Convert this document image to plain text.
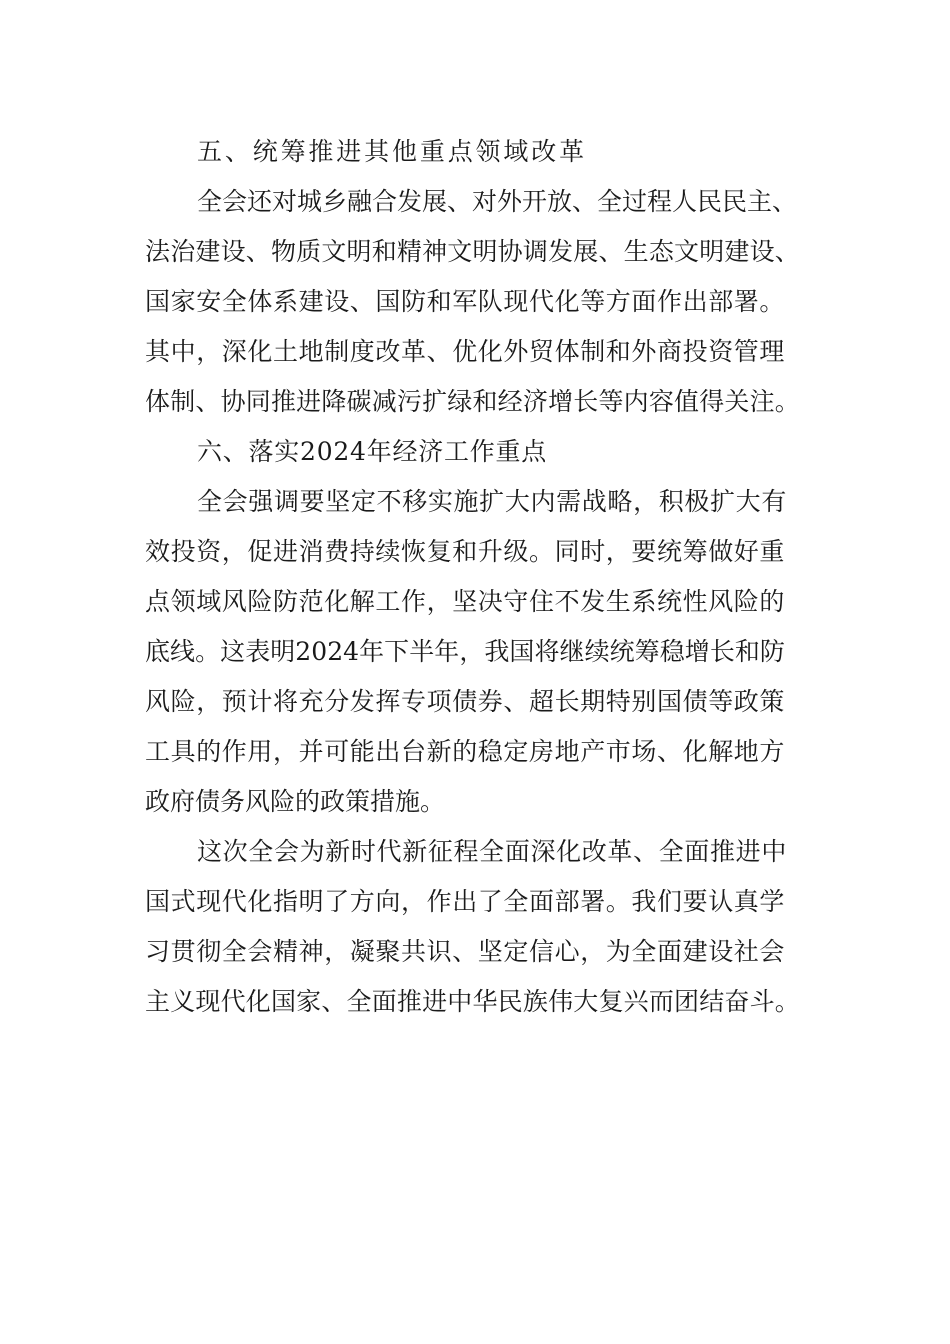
五、统筹推进其他重点领域改革
全会还对城乡融合发展、对外开放、全过程人民民主、
法治建设、物质文明和精神文明协调发展、生态文明建设、
国家安全体系建设、国防和军队现代化等方面作出部署。
其中，深化土地制度改革、优化外贸体制和外商投资管理
体制、协同推进降碳减污扩绿和经济增长等内容值得关注。
六、落实2024年经济工作重点
全会强调要坚定不移实施扩大内需战略，积极扩大有
效投资，促进消费持续恢复和升级。同时，要统筹做好重
点领域风险防范化解工作，坚决守住不发生系统性风险的
底线。这表明2024年下半年，我国将继续统筹稳增长和防
风险，预计将充分发挥专项债券、超长期特别国债等政策
工具的作用，并可能出台新的稳定房地产市场、化解地方
政府债务风险的政策措施。
这次全会为新时代新征程全面深化改革、全面推进中
国式现代化指明了方向，作出了全面部署。我们要认真学
习贯彻全会精神，凝聚共识、坚定信心，为全面建设社会
主义现代化国家、全面推进中华民族伟大复兴而团结奋斗。
